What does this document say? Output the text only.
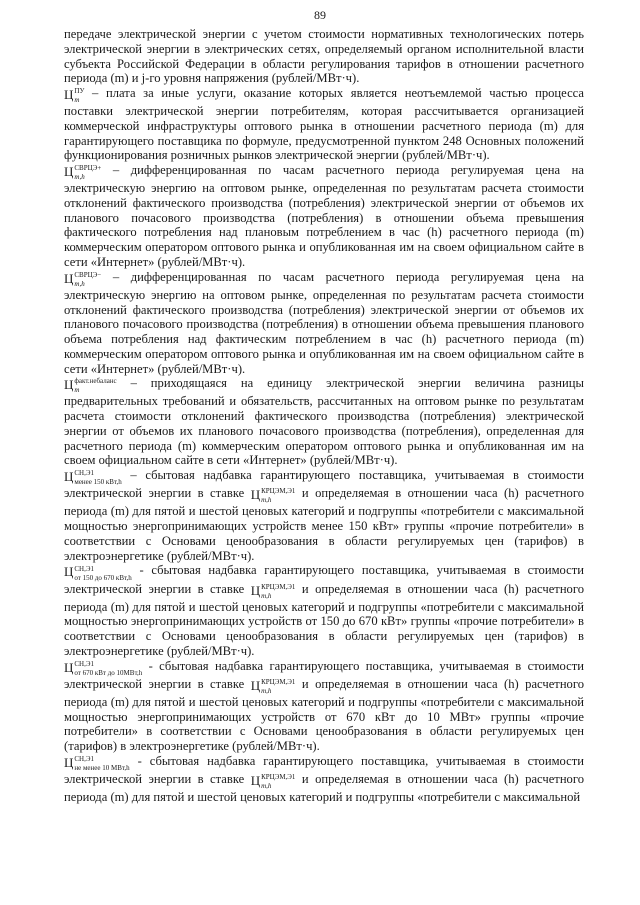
89

передаче электрической энергии с учетом стоимости нормативных технологических потерь электрической энергии в электрических сетях, определяемый органом исполнительной власти субъекта Российской Федерации в области регулирования тарифов в отношении расчетного периода (m) и j-го уровня напряжения (рублей/МВт·ч).

Ц ПУ
m
– плата за иные услуги, оказание которых является неотъемлемой частью процесса поставки электрической энергии потребителям, которая рассчитывается организацией коммерческой инфраструктуры оптового рынка в отношении расчетного периода (m) для гарантирующего поставщика по формуле, предусмотренной пунктом 248 Основных положений функционирования розничных рынков электрической энергии (рублей/МВт·ч).

Ц СВРЦЭ+
m,h
– дифференцированная по часам расчетного периода регулируемая цена на электрическую энергию на оптовом рынке, определенная по результатам расчета стоимости отклонений фактического производства (потребления) электрической энергии от объемов их планового почасового производства (потребления) в отношении объема превышения фактического потребления над плановым потреблением в час (h) расчетного периода (m) коммерческим оператором оптового рынка и опубликованная им на своем официальном сайте в сети «Интернет» (рублей/МВт·ч).

Ц СВРЦЭ−
m,h
– дифференцированная по часам расчетного периода регулируемая цена на электрическую энергию на оптовом рынке, определенная по результатам расчета стоимости отклонений фактического производства (потребления) электрической энергии от объемов их планового почасового производства (потребления) в отношении объема превышения планового объема потребления над фактическим потреблением в час (h) расчетного периода (m) коммерческим оператором оптового рынка и опубликованная им на своем официальном сайте в сети «Интернет» (рублей/МВт·ч).

Ц факт.небаланс
m
– приходящаяся на единицу электрической энергии величина разницы предварительных требований и обязательств, рассчитанных на оптовом рынке по результатам расчета стоимости отклонений фактического производства (потребления) электрической энергии от объемов их планового почасового производства (потребления), определенная для расчетного периода (m) коммерческим оператором оптового рынка и опубликованная им на своем официальном сайте в сети «Интернет» (рублей/МВт·ч).

Ц СН,Э1
менее 150 кВт,h
– сбытовая надбавка гарантирующего поставщика, учитываемая в стоимости электрической энергии в ставке Ц КРЦЭМ,Э1
m,h
и определяемая в отношении часа (h) расчетного периода (m) для пятой и шестой ценовых категорий и подгруппы «потребители с максимальной мощностью энергопринимающих устройств менее 150 кВт» группы «прочие потребители» в соответствии с Основами ценообразования в области регулируемых цен (тарифов) в электроэнергетике (рублей/МВт·ч).

Ц СН,Э1
от 150 до 670 кВт,h
- сбытовая надбавка гарантирующего поставщика, учитываемая в стоимости электрической энергии в ставке Ц КРЦЭМ,Э1
m,h
и определяемая в отношении часа (h) расчетного периода (m) для пятой и шестой ценовых категорий и подгруппы «потребители с максимальной мощностью энергопринимающих устройств от 150 до 670 кВт» группы «прочие потребители» в соответствии с Основами ценообразования в области регулируемых цен (тарифов) в электроэнергетике (рублей/МВт·ч).

Ц СН,Э1
от 670 кВт до 10МВт,h
- сбытовая надбавка гарантирующего поставщика, учитываемая в стоимости электрической энергии в ставке Ц КРЦЭМ,Э1
m,h
и определяемая в отношении часа (h) расчетного периода (m) для пятой и шестой ценовых категорий и подгруппы «потребители с максимальной мощностью энергопринимающих устройств от 670 кВт до 10 МВт» группы «прочие потребители» в соответствии с Основами ценообразования в области регулируемых цен (тарифов) в электроэнергетике (рублей/МВт·ч).

Ц СН,Э1
не менее 10 МВт,h
- сбытовая надбавка гарантирующего поставщика, учитываемая в стоимости электрической энергии в ставке Ц КРЦЭМ,Э1
m,h
и определяемая в отношении часа (h) расчетного периода (m) для пятой и шестой ценовых категорий и подгруппы «потребители с максимальной
